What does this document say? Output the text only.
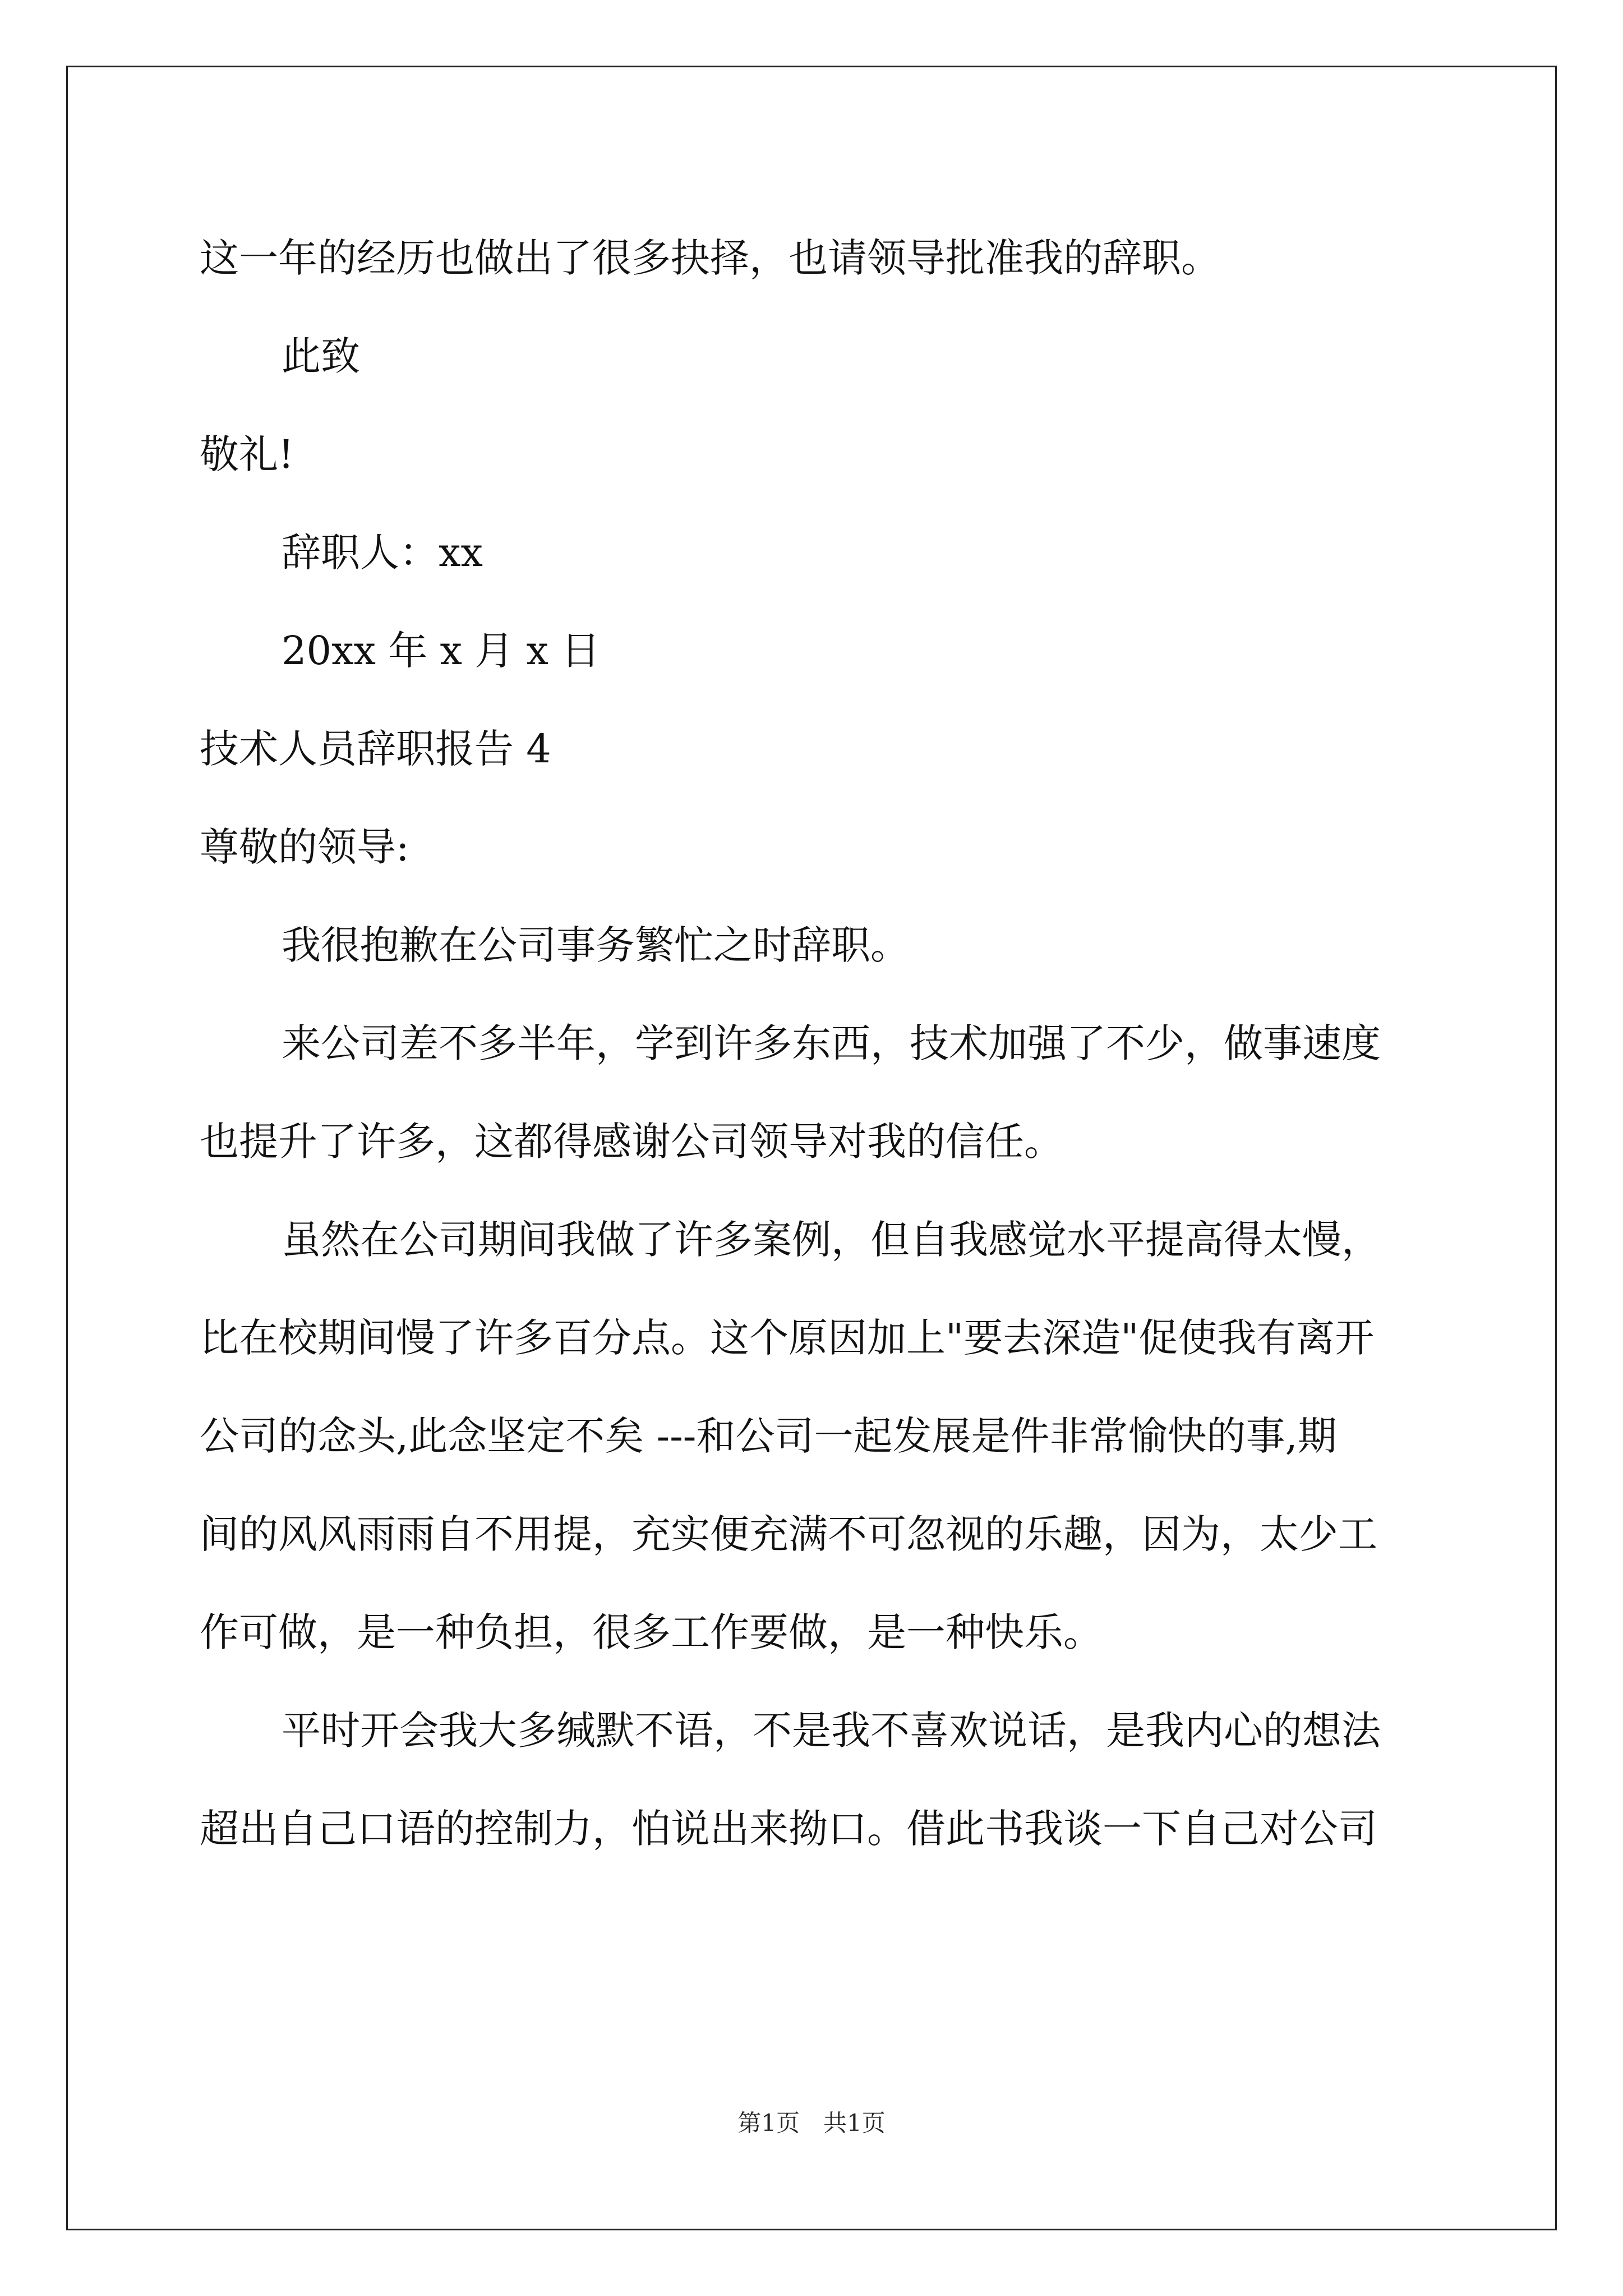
这一年的经历也做出了很多抉择，也请领导批准我的辞职。
此致
敬礼!
辞职人：xx
20xx 年 x 月 x 日
技术人员辞职报告 4
尊敬的领导:
我很抱歉在公司事务繁忙之时辞职。
来公司差不多半年，学到许多东西，技术加强了不少，做事速度
也提升了许多，这都得感谢公司领导对我的信任。
虽然在公司期间我做了许多案例，但自我感觉水平提高得太慢，
比在校期间慢了许多百分点。这个原因加上"要去深造"促使我有离开
公司的念头,此念坚定不矣 ---和公司一起发展是件非常愉快的事,期
间的风风雨雨自不用提，充实便充满不可忽视的乐趣，因为，太少工
作可做，是一种负担，很多工作要做，是一种快乐。
平时开会我大多缄默不语，不是我不喜欢说话，是我内心的想法
超出自己口语的控制力，怕说出来拗口。借此书我谈一下自己对公司
第1页　共1页
